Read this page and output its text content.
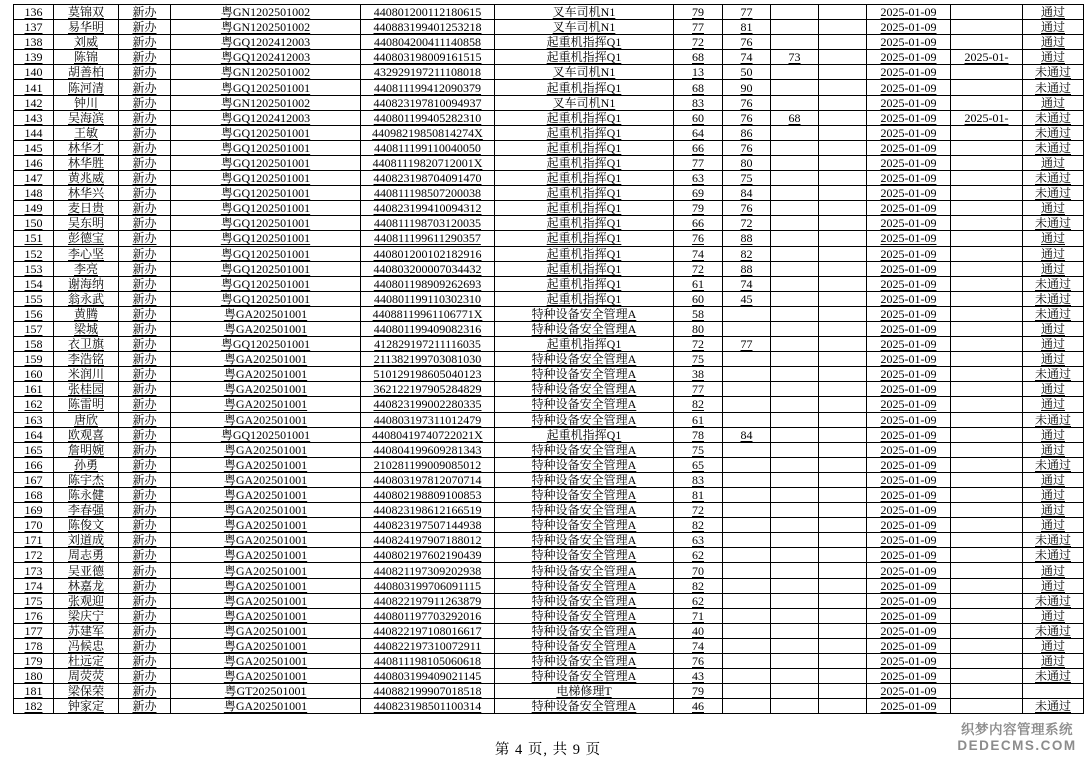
136	莫锦双	新办	粤GN1202501002	440801200112180615	叉车司机N1	79	77			2025-01-09		通过
137	易华明	新办	粤GN1202501002	440883199401253218	叉车司机N1	77	81			2025-01-09		通过
138	刘威	新办	粤GQ1202412003	440804200411140858	起重机指挥Q1	72	76			2025-01-09		通过
139	陈锦	新办	粤GQ1202412003	440803198009161515	起重机指挥Q1	68	74	73		2025-01-09	2025-01-	通过
140	胡善柏	新办	粤GN1202501002	432929197211108018	叉车司机N1	13	50			2025-01-09		未通过
141	陈河清	新办	粤GQ1202501001	440811199412090379	起重机指挥Q1	68	90			2025-01-09		未通过
142	钟川	新办	粤GN1202501002	440823197810094937	叉车司机N1	83	76			2025-01-09		通过
143	吴海滨	新办	粤GQ1202412003	440801199405282310	起重机指挥Q1	60	76	68		2025-01-09	2025-01-	未通过
144	王敏	新办	粤GQ1202501001	44098219850814274X	起重机指挥Q1	64	86			2025-01-09		未通过
145	林华才	新办	粤GQ1202501001	440811199110040050	起重机指挥Q1	66	76			2025-01-09		未通过
146	林华胜	新办	粤GQ1202501001	44081119820712001X	起重机指挥Q1	77	80			2025-01-09		通过
147	黄兆威	新办	粤GQ1202501001	440823198704091470	起重机指挥Q1	63	75			2025-01-09		未通过
148	林华兴	新办	粤GQ1202501001	440811198507200038	起重机指挥Q1	69	84			2025-01-09		未通过
149	麦日贵	新办	粤GQ1202501001	440823199410094312	起重机指挥Q1	79	76			2025-01-09		通过
150	吴东明	新办	粤GQ1202501001	440811198703120035	起重机指挥Q1	66	72			2025-01-09		未通过
151	彭德宝	新办	粤GQ1202501001	440811199611290357	起重机指挥Q1	76	88			2025-01-09		通过
152	李心坚	新办	粤GQ1202501001	440801200102182916	起重机指挥Q1	74	82			2025-01-09		通过
153	李亮	新办	粤GQ1202501001	440803200007034432	起重机指挥Q1	72	88			2025-01-09		通过
154	谢海纳	新办	粤GQ1202501001	440801198909262693	起重机指挥Q1	61	74			2025-01-09		未通过
155	翁永武	新办	粤GQ1202501001	440801199110302310	起重机指挥Q1	60	45			2025-01-09		未通过
156	黄腾	新办	粤GA202501001	44088119961106771X	特种设备安全管理A	58				2025-01-09		未通过
157	梁城	新办	粤GA202501001	440801199409082316	特种设备安全管理A	80				2025-01-09		通过
158	衣卫旗	新办	粤GQ1202501001	412829197211116035	起重机指挥Q1	72	77			2025-01-09		通过
159	李浩铭	新办	粤GA202501001	211382199703081030	特种设备安全管理A	75				2025-01-09		通过
160	米润川	新办	粤GA202501001	510129198605040123	特种设备安全管理A	38				2025-01-09		未通过
161	张桂园	新办	粤GA202501001	362122197905284829	特种设备安全管理A	77				2025-01-09		通过
162	陈雷明	新办	粤GA202501001	440823199002280335	特种设备安全管理A	82				2025-01-09		通过
163	唐欣	新办	粤GA202501001	440803197311012479	特种设备安全管理A	61				2025-01-09		未通过
164	欧观喜	新办	粤GQ1202501001	44080419740722021X	起重机指挥Q1	78	84			2025-01-09		通过
165	詹明婉	新办	粤GA202501001	440804199609281343	特种设备安全管理A	75				2025-01-09		通过
166	孙勇	新办	粤GA202501001	210281199009085012	特种设备安全管理A	65				2025-01-09		未通过
167	陈宇杰	新办	粤GA202501001	440803197812070714	特种设备安全管理A	83				2025-01-09		通过
168	陈永健	新办	粤GA202501001	440802198809100853	特种设备安全管理A	81				2025-01-09		通过
169	李春强	新办	粤GA202501001	440823198612166519	特种设备安全管理A	72				2025-01-09		通过
170	陈俊文	新办	粤GA202501001	440823197507144938	特种设备安全管理A	82				2025-01-09		通过
171	刘道成	新办	粤GA202501001	440824197907188012	特种设备安全管理A	63				2025-01-09		未通过
172	周志勇	新办	粤GA202501001	440802197602190439	特种设备安全管理A	62				2025-01-09		未通过
173	吴亚德	新办	粤GA202501001	440821197309202938	特种设备安全管理A	70				2025-01-09		通过
174	林嘉龙	新办	粤GA202501001	440803199706091115	特种设备安全管理A	82				2025-01-09		通过
175	张观迎	新办	粤GA202501001	440822197911263879	特种设备安全管理A	62				2025-01-09		未通过
176	梁庆宁	新办	粤GA202501001	440801197703292016	特种设备安全管理A	71				2025-01-09		通过
177	苏建军	新办	粤GA202501001	440822197108016617	特种设备安全管理A	40				2025-01-09		未通过
178	冯候忠	新办	粤GA202501001	440822197310072911	特种设备安全管理A	74				2025-01-09		通过
179	杜远定	新办	粤GA202501001	440811198105060618	特种设备安全管理A	76				2025-01-09		通过
180	周荧荧	新办	粤GA202501001	440803199409021145	特种设备安全管理A	43				2025-01-09		未通过
181	梁保荣	新办	粤GT202501001	440882199907018518	电梯修理T	79				2025-01-09		
182	钟家定	新办	粤GA202501001	440823198501100314	特种设备安全管理A	46				2025-01-09		未通过
第 4 页, 共 9 页
织梦内容管理系统
DEDECMS.COM
